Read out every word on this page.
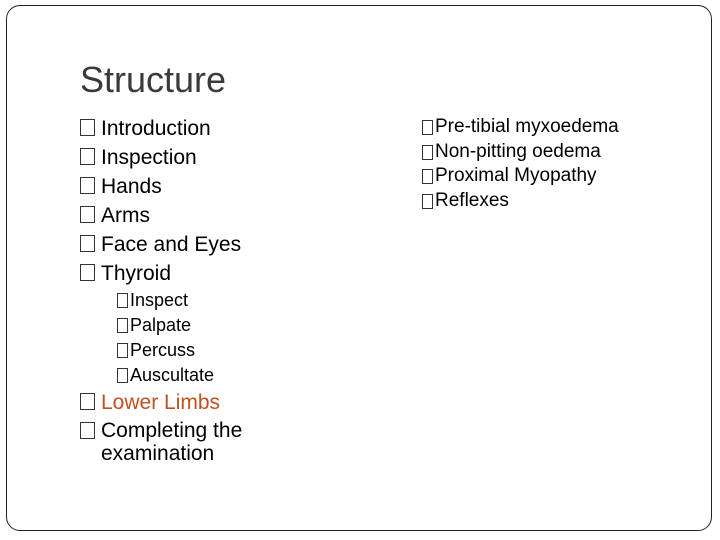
Structure
Introduction
Inspection
Hands
Arms
Face and Eyes
Thyroid
Inspect
Palpate
Percuss
Auscultate
Lower Limbs
Completing the examination
Pre-tibial myxoedema
Non-pitting oedema
Proximal Myopathy
Reflexes
